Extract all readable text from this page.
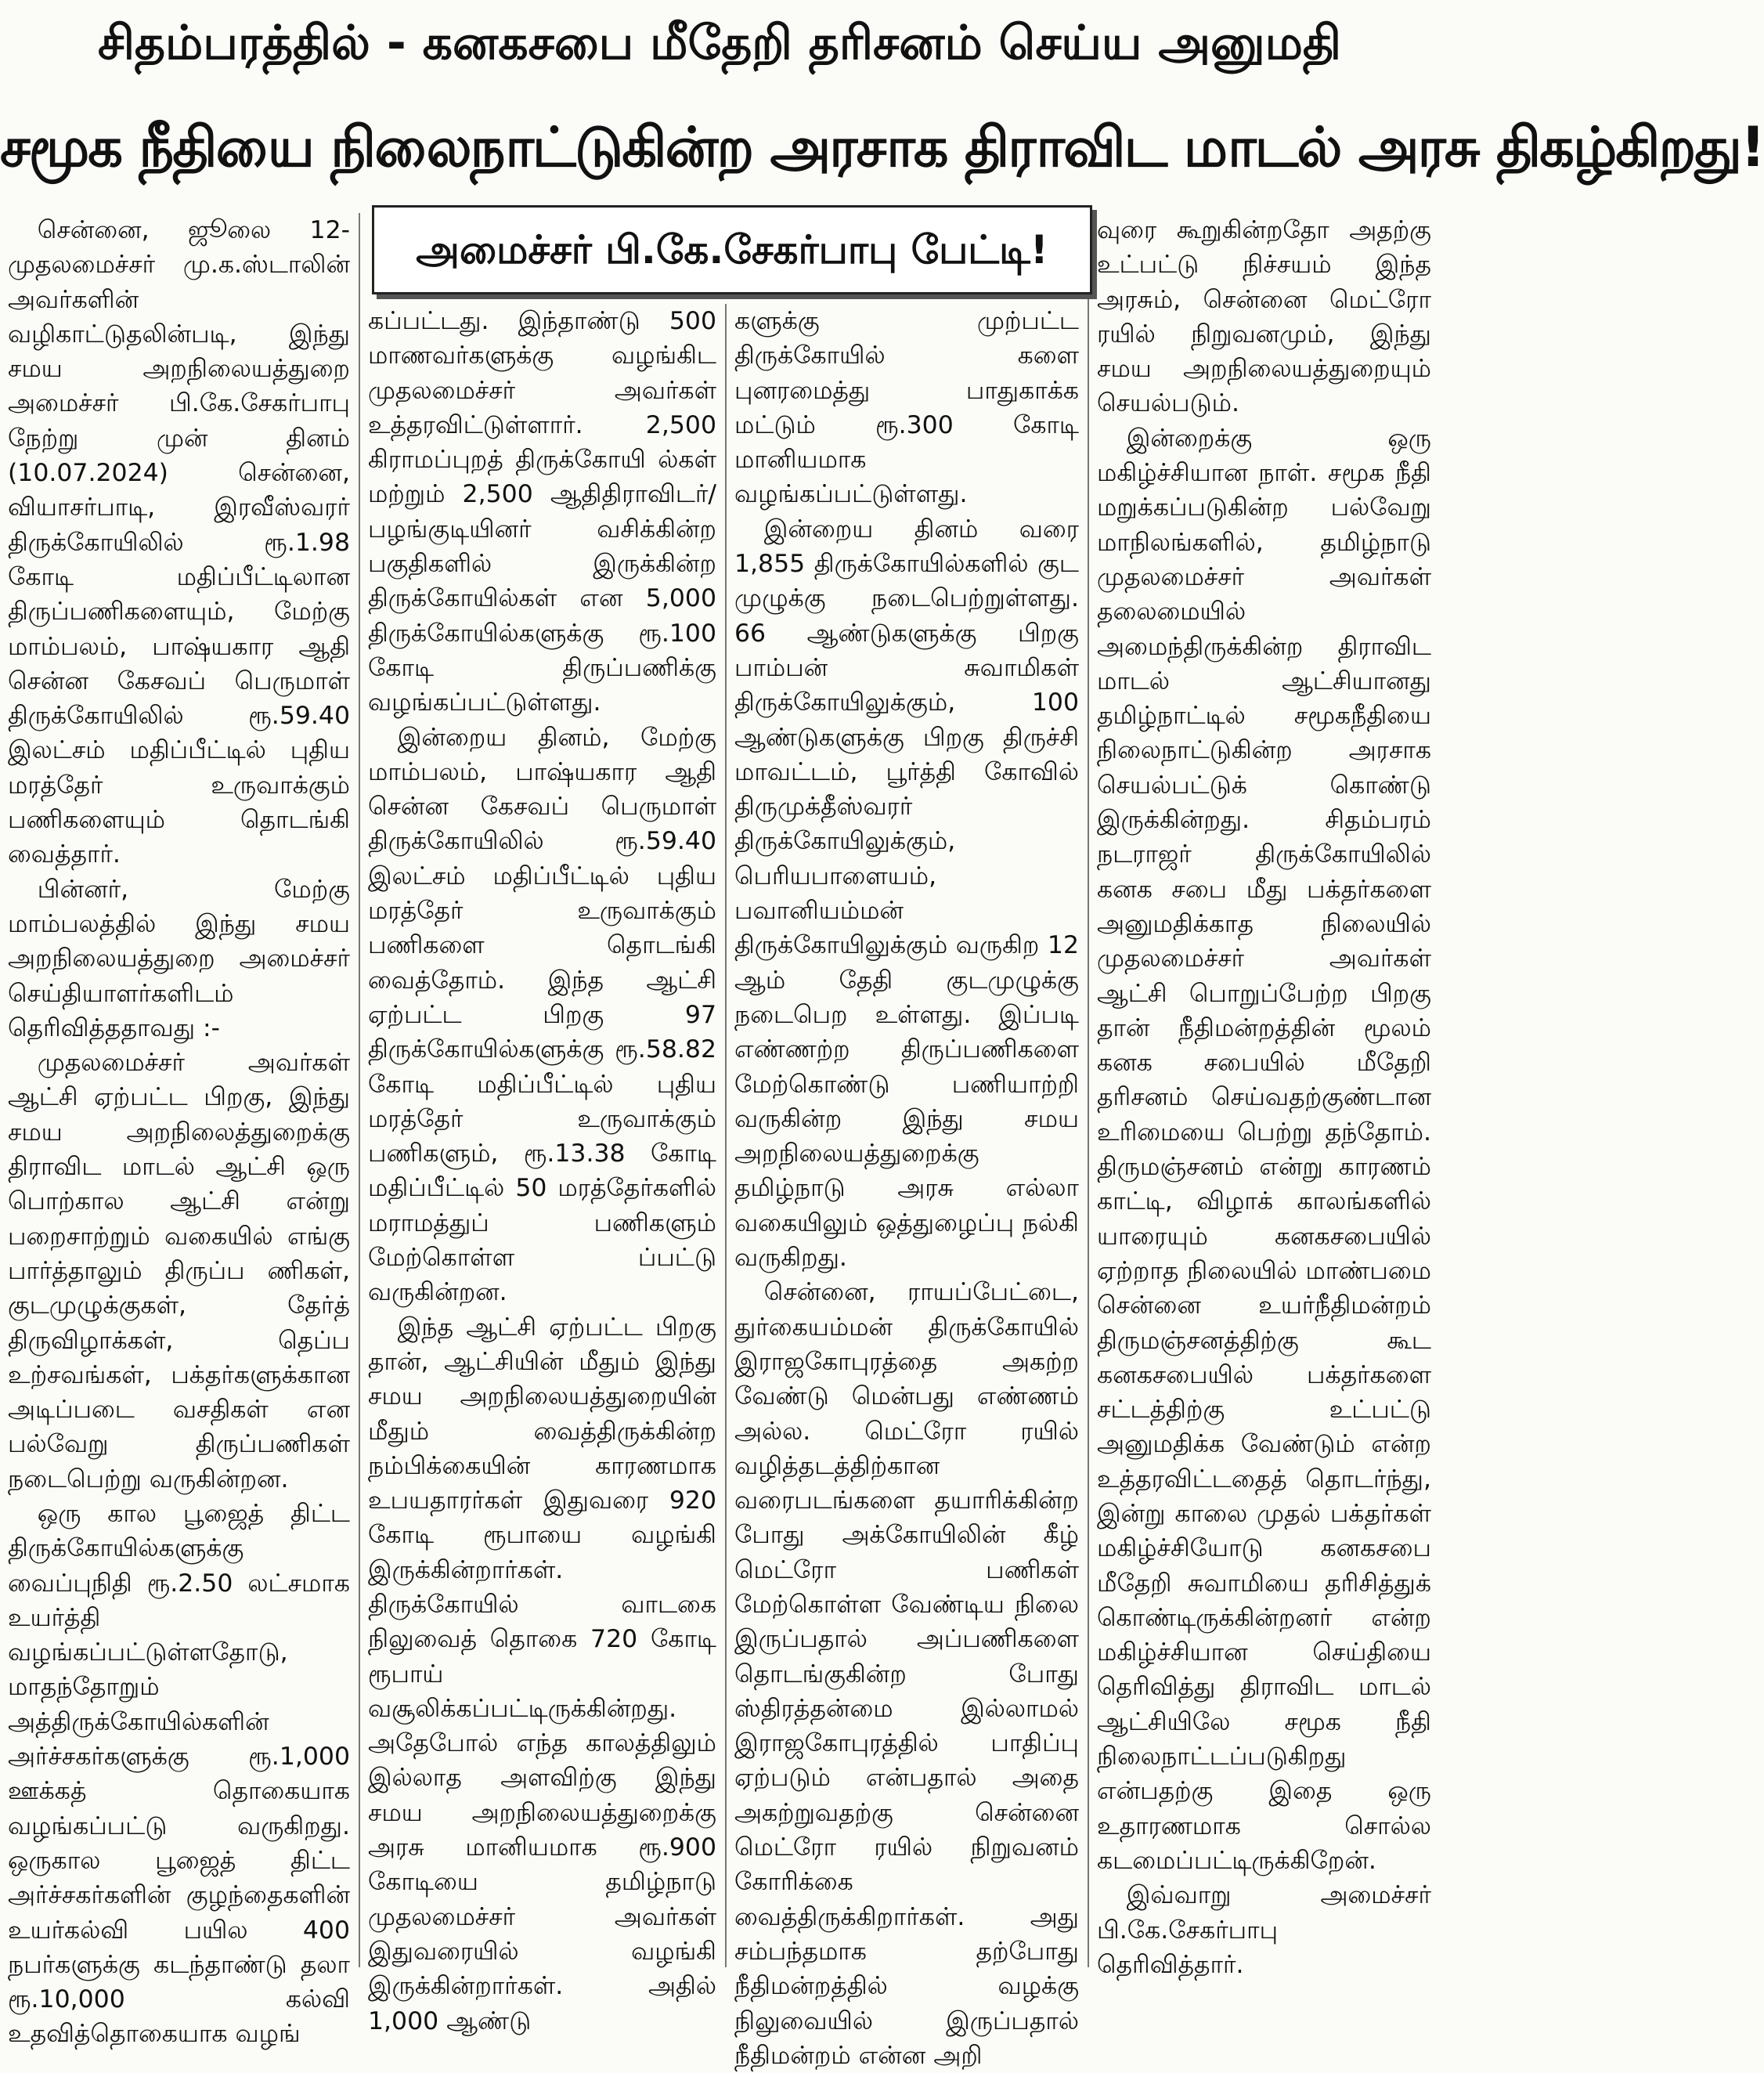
சிதம்பரத்தில் - கனகசபை மீதேறி தரிசனம் செய்ய அனுமதி
சமூக நீதியை நிலைநாட்டுகின்ற அரசாக திராவிட மாடல் அரசு திகழ்கிறது!

சென்னை, ஜூலை 12- முதலமைச்சர் மு.க.ஸ்டாலின் அவர்களின் வழிகாட்டுதலின்படி, இந்து சமய அறநிலையத்துறை அமைச்சர் பி.கே.சேகர்பாபு நேற்று முன் தினம் (10.07.2024) சென்னை, வியாசர்பாடி, இரவீஸ்வரர் திருக்கோயிலில் ரூ.1.98 கோடி மதிப்பீட்டிலான திருப்பணிகளையும், மேற்கு மாம்பலம், பாஷ்யகார ஆதி சென்ன கேசவப் பெருமாள் திருக்கோயிலில் ரூ.59.40 இலட்சம் மதிப்பீட்டில் புதிய மரத்தேர் உருவாக்கும் பணிகளையும் தொடங்கி வைத்தார்.

பின்னர், மேற்கு மாம்பலத்தில் இந்து சமய அறநிலையத்துறை அமைச்சர் செய்தியாளர்களிடம் தெரிவித்ததாவது :-

முதலமைச்சர் அவர்கள் ஆட்சி ஏற்பட்ட பிறகு, இந்து சமய அறநிலைத்துறைக்கு திராவிட மாடல் ஆட்சி ஒரு பொற்கால ஆட்சி என்று பறைசாற்றும் வகையில் எங்கு பார்த்தாலும் திருப்ப ணிகள், குடமுழுக்குகள், தேர்த் திருவிழாக்கள், தெப்ப உற்சவங்கள், பக்தர்களுக்கான அடிப்படை வசதிகள் என பல்வேறு திருப்பணிகள் நடைபெற்று வருகின்றன.

ஒரு கால பூஜைத் திட்ட திருக்கோயில்களுக்கு வைப்புநிதி ரூ.2.50 லட்சமாக உயர்த்தி வழங்கப்பட்டுள்ளதோடு, மாதந்தோறும் அத்திருக்கோயில்களின் அர்ச்சகர்களுக்கு ரூ.1,000 ஊக்கத் தொகையாக வழங்கப்பட்டு வருகிறது. ஒருகால பூஜைத் திட்ட அர்ச்சகர்களின் குழந்தைகளின் உயர்கல்வி பயில 400 நபர்களுக்கு கடந்தாண்டு தலா ரூ.10,000 கல்வி உதவித்தொகையாக வழங்

கப்பட்டது. இந்தாண்டு 500 மாணவர்களுக்கு வழங்கிட முதலமைச்சர் அவர்கள் உத்தரவிட்டுள்ளார். 2,500 கிராமப்புறத் திருக்கோயி ல்கள் மற்றும் 2,500 ஆதிதிராவிடர்/பழங்குடியினர் வசிக்கின்ற பகுதிகளில் இருக்கின்ற திருக்கோயில்கள் என 5,000 திருக்கோயில்களுக்கு ரூ.100 கோடி திருப்பணிக்கு வழங்கப்பட்டுள்ளது.

இன்றைய தினம், மேற்கு மாம்பலம், பாஷ்யகார ஆதி சென்ன கேசவப் பெருமாள் திருக்கோயிலில் ரூ.59.40 இலட்சம் மதிப்பீட்டில் புதிய மரத்தேர் உருவாக்கும் பணிகளை தொடங்கி வைத்தோம். இந்த ஆட்சி ஏற்பட்ட பிறகு 97 திருக்கோயில்களுக்கு ரூ.58.82 கோடி மதிப்பீட்டில் புதிய மரத்தேர் உருவாக்கும் பணிகளும், ரூ.13.38 கோடி மதிப்பீட்டில் 50 மரத்தேர்களில் மராமத்துப் பணிகளும் மேற்கொள்ள ப்பட்டு வருகின்றன.

இந்த ஆட்சி ஏற்பட்ட பிறகு தான், ஆட்சியின் மீதும் இந்து சமய அறநிலையத்துறையின் மீதும் வைத்திருக்கின்ற நம்பிக்கையின் காரணமாக உபயதாரர்கள் இதுவரை 920 கோடி ரூபாயை வழங்கி இருக்கின்றார்கள். திருக்கோயில் வாடகை நிலுவைத் தொகை 720 கோடி ரூபாய் வசூலிக்கப்பட்டிருக்கின்றது. அதேபோல் எந்த காலத்திலும் இல்லாத அளவிற்கு இந்து சமய அறநிலையத்துறைக்கு அரசு மானியமாக ரூ.900 கோடியை தமிழ்நாடு முதலமைச்சர் அவர்கள் இதுவரையில் வழங்கி இருக்கின்றார்கள். அதில் 1,000 ஆண்டு

களுக்கு முற்பட்ட திருக்கோயில் களை புனரமைத்து பாதுகாக்க மட்டும் ரூ.300 கோடி மானியமாக வழங்கப்பட்டுள்ளது.

இன்றைய தினம் வரை 1,855 திருக்கோயில்களில் குட முழுக்கு நடைபெற்றுள்ளது. 66 ஆண்டுகளுக்கு பிறகு பாம்பன் சுவாமிகள் திருக்கோயிலுக்கும், 100 ஆண்டுகளுக்கு பிறகு திருச்சி மாவட்டம், பூர்த்தி கோவில் திருமுக்தீஸ்வரர் திருக்கோயிலுக்கும், பெரியபாளையம், பவானியம்மன் திருக்கோயிலுக்கும் வருகிற 12 ஆம் தேதி குடமுழுக்கு நடைபெற உள்ளது. இப்படி எண்ணற்ற திருப்பணிகளை மேற்கொண்டு பணியாற்றி வருகின்ற இந்து சமய அறநிலையத்துறைக்கு தமிழ்நாடு அரசு எல்லா வகையிலும் ஒத்துழைப்பு நல்கி வருகிறது.

சென்னை, ராயப்பேட்டை, துர்கையம்மன் திருக்கோயில் இராஜகோபுரத்தை அகற்ற வேண்டு மென்பது எண்ணம் அல்ல. மெட்ரோ ரயில் வழித்தடத்திற்கான வரைபடங்களை தயாரிக்கின்ற போது அக்கோயிலின் கீழ் மெட்ரோ பணிகள் மேற்கொள்ள வேண்டிய நிலை இருப்பதால் அப்பணிகளை தொடங்குகின்ற போது ஸ்திரத்தன்மை இல்லாமல் இராஜகோபுரத்தில் பாதிப்பு ஏற்படும் என்பதால் அதை அகற்றுவதற்கு சென்னை மெட்ரோ ரயில் நிறுவனம் கோரிக்கை வைத்திருக்கிறார்கள். அது சம்பந்தமாக தற்போது நீதிமன்றத்தில் வழக்கு நிலுவையில் இருப்பதால் நீதிமன்றம் என்ன அறி

வுரை கூறுகின்றதோ அதற்கு உட்பட்டு நிச்சயம் இந்த அரசும், சென்னை மெட்ரோ ரயில் நிறுவனமும், இந்து சமய அறநிலையத்துறையும் செயல்படும்.

இன்றைக்கு ஒரு மகிழ்ச்சியான நாள். சமூக நீதி மறுக்கப்படுகின்ற பல்வேறு மாநிலங்களில், தமிழ்நாடு முதலமைச்சர் அவர்கள் தலைமையில் அமைந்திருக்கின்ற திராவிட மாடல் ஆட்சியானது தமிழ்நாட்டில் சமூகநீதியை நிலைநாட்டுகின்ற அரசாக செயல்பட்டுக் கொண்டு இருக்கின்றது. சிதம்பரம் நடராஜர் திருக்கோயிலில் கனக சபை மீது பக்தர்களை அனுமதிக்காத நிலையில் முதலமைச்சர் அவர்கள் ஆட்சி பொறுப்பேற்ற பிறகு தான் நீதிமன்றத்தின் மூலம் கனக சபையில் மீதேறி தரிசனம் செய்வதற்குண்டான உரிமையை பெற்று தந்தோம். திருமஞ்சனம் என்று காரணம் காட்டி, விழாக் காலங்களில் யாரையும் கனகசபையில் ஏற்றாத நிலையில் மாண்பமை சென்னை உயர்நீதிமன்றம் திருமஞ்சனத்திற்கு கூட கனகசபையில் பக்தர்களை சட்டத்திற்கு உட்பட்டு அனுமதிக்க வேண்டும் என்ற உத்தரவிட்டதைத் தொடர்ந்து, இன்று காலை முதல் பக்தர்கள் மகிழ்ச்சியோடு கனகசபை மீதேறி சுவாமியை தரிசித்துக் கொண்டிருக்கின்றனர் என்ற மகிழ்ச்சியான செய்தியை தெரிவித்து திராவிட மாடல் ஆட்சியிலே சமூக நீதி நிலைநாட்டப்படுகிறது என்பதற்கு இதை ஒரு உதாரணமாக சொல்ல கடமைப்பட்டிருக்கிறேன்.

இவ்வாறு அமைச்சர் பி.கே.சேகர்பாபு தெரிவித்தார்.

அமைச்சர் பி.கே.சேகர்பாபு பேட்டி!
